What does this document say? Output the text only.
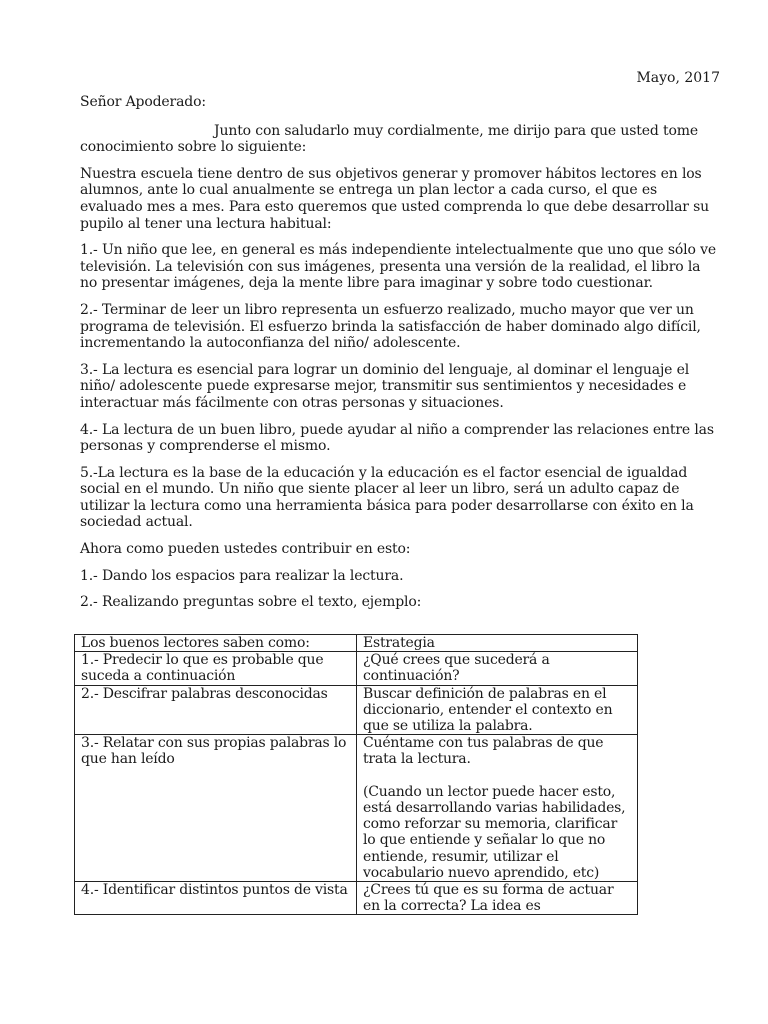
Mayo, 2017

Señor Apoderado:

Junto con saludarlo muy cordialmente, me dirijo para que usted tome conocimiento sobre lo siguiente:

Nuestra escuela tiene dentro de sus objetivos generar y promover hábitos lectores en los alumnos, ante lo cual anualmente se entrega un plan lector a cada curso, el que es evaluado mes a mes. Para esto queremos que usted comprenda lo que debe desarrollar su pupilo al tener una lectura habitual:

1.- Un niño que lee, en general es más independiente intelectualmente que uno que sólo ve televisión. La televisión con sus imágenes, presenta una versión de la realidad, el libro la no presentar imágenes, deja la mente libre para imaginar y sobre todo cuestionar.

2.- Terminar de leer un libro representa un esfuerzo realizado, mucho mayor que ver un programa de televisión. El esfuerzo brinda la satisfacción de haber dominado algo difícil, incrementando la autoconfianza del niño/ adolescente.

3.- La lectura es esencial para lograr un dominio del lenguaje, al dominar el lenguaje el niño/ adolescente puede expresarse mejor, transmitir sus sentimientos y necesidades e interactuar más fácilmente con otras personas y situaciones.

4.- La lectura de un buen libro, puede ayudar al niño a comprender las relaciones entre las personas y comprenderse el mismo.

5.-La lectura es la base de la educación y la educación es el factor esencial de igualdad social en el mundo. Un niño que siente placer al leer un libro, será un adulto capaz de utilizar la lectura como una herramienta básica para poder desarrollarse con éxito en la sociedad actual.

Ahora como pueden ustedes contribuir en esto:

1.- Dando los espacios para realizar la lectura.

2.- Realizando preguntas sobre el texto, ejemplo:

Los buenos lectores saben como:	Estrategia
1.- Predecir lo que es probable que suceda a continuación	¿Qué crees que sucederá a continuación?
2.- Descifrar palabras desconocidas	Buscar definición de palabras en el diccionario, entender el contexto en que se utiliza la palabra.
3.- Relatar con sus propias palabras lo que han leído	Cuéntame con tus palabras de que trata la lectura.

(Cuando un lector puede hacer esto, está desarrollando varias habilidades, como reforzar su memoria, clarificar lo que entiende y señalar lo que no entiende, resumir, utilizar el vocabulario nuevo aprendido, etc)

4.- Identificar distintos puntos de vista	¿Crees tú que es su forma de actuar en la correcta? La idea es
